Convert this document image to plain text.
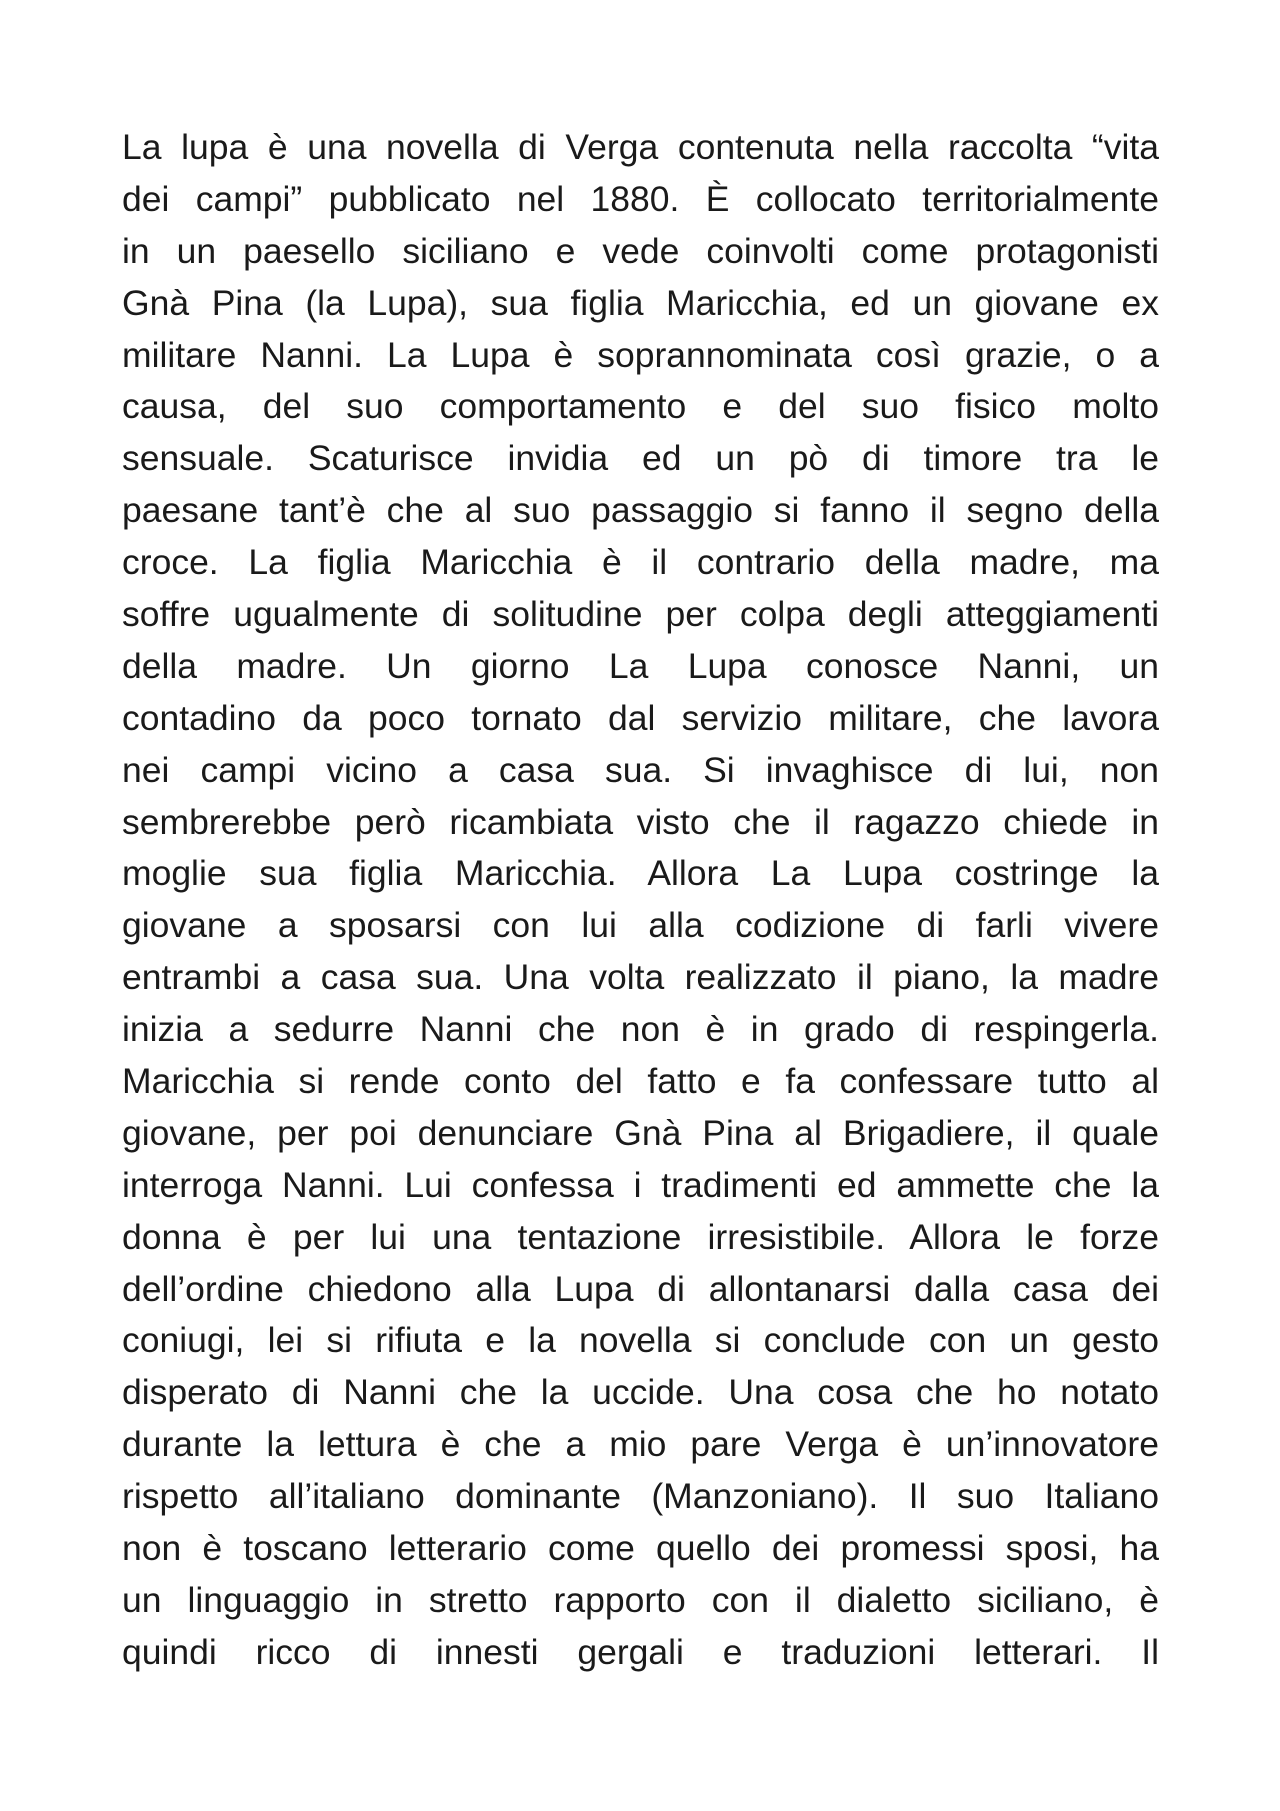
La lupa è una novella di Verga contenuta nella raccolta “vita
dei campi” pubblicato nel 1880. È collocato territorialmente
in un paesello siciliano e vede coinvolti come protagonisti
Gnà Pina (la Lupa), sua figlia Maricchia, ed un giovane ex
militare Nanni. La Lupa è soprannominata così grazie, o a
causa, del suo comportamento e del suo fisico molto
sensuale. Scaturisce invidia ed un pò di timore tra le
paesane tant’è che al suo passaggio si fanno il segno della
croce. La figlia Maricchia è il contrario della madre, ma
soffre ugualmente di solitudine per colpa degli atteggiamenti
della madre. Un giorno La Lupa conosce Nanni, un
contadino da poco tornato dal servizio militare, che lavora
nei campi vicino a casa sua. Si invaghisce di lui, non
sembrerebbe però ricambiata visto che il ragazzo chiede in
moglie sua figlia Maricchia. Allora La Lupa costringe la
giovane a sposarsi con lui alla codizione di farli vivere
entrambi a casa sua. Una volta realizzato il piano, la madre
inizia a sedurre Nanni che non è in grado di respingerla.
Maricchia si rende conto del fatto e fa confessare tutto al
giovane, per poi denunciare Gnà Pina al Brigadiere, il quale
interroga Nanni. Lui confessa i tradimenti ed ammette che la
donna è per lui una tentazione irresistibile. Allora le forze
dell’ordine chiedono alla Lupa di allontanarsi dalla casa dei
coniugi, lei si rifiuta e la novella si conclude con un gesto
disperato di Nanni che la uccide. Una cosa che ho notato
durante la lettura è che a mio pare Verga è un’innovatore
rispetto all’italiano dominante (Manzoniano). Il suo Italiano
non è toscano letterario come quello dei promessi sposi, ha
un linguaggio in stretto rapporto con il dialetto siciliano, è
quindi ricco di innesti gergali e traduzioni letterari. Il
